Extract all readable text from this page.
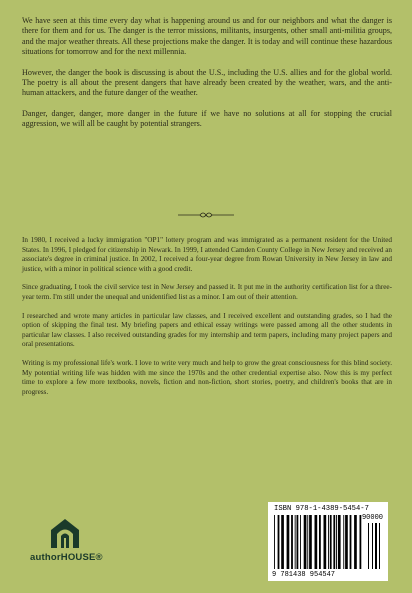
We have seen at this time every day what is happening around us and for our neighbors and what the danger is there for them and for us. The danger is the terror missions, militants, insurgents, other small anti-militia groups, and the major weather threats. All these projections make the danger. It is today and will continue these hazardous situations for tomorrow and for the next millennia.

However, the danger the book is discussing is about the U.S., including the U.S. allies and for the global world. The poetry is all about the present dangers that have already been created by the weather, wars, and the anti-human attackers, and the future danger of the weather.

Danger, danger, danger, more danger in the future if we have no solutions at all for stopping the crucial aggression, we will all be caught by potential strangers.

In 1980, I received a lucky immigration "OP1" lottery program and was immigrated as a permanent resident for the United States. In 1996, I pledged for citizenship in Newark. In 1999, I attended Camden County College in New Jersey and received an associate's degree in criminal justice. In 2002, I received a four-year degree from Rowan University in New Jersey in law and justice, with a minor in political science with a good credit.

Since graduating, I took the civil service test in New Jersey and passed it. It put me in the authority certification list for a three-year term. I'm still under the unequal and unidentified list as a minor. I am out of their attention.

I researched and wrote many articles in particular law classes, and I received excellent and outstanding grades, so I had the option of skipping the final test. My briefing papers and ethical essay writings were passed among all the other students in particular law classes. I also received outstanding grades for my internship and term papers, including many project papers and oral presentations.

Writing is my professional life's work. I love to write very much and help to grow the great consciousness for this blind society. My potential writing life was hidden with me since the 1970s and the other credential expertise also. Now this is my perfect time to explore a few more textbooks, novels, fiction and non-fiction, short stories, poetry, and children's books that are in progress.

authorHOUSE®
ISBN 978-1-4389-5454-7
90000
9 781438 954547
